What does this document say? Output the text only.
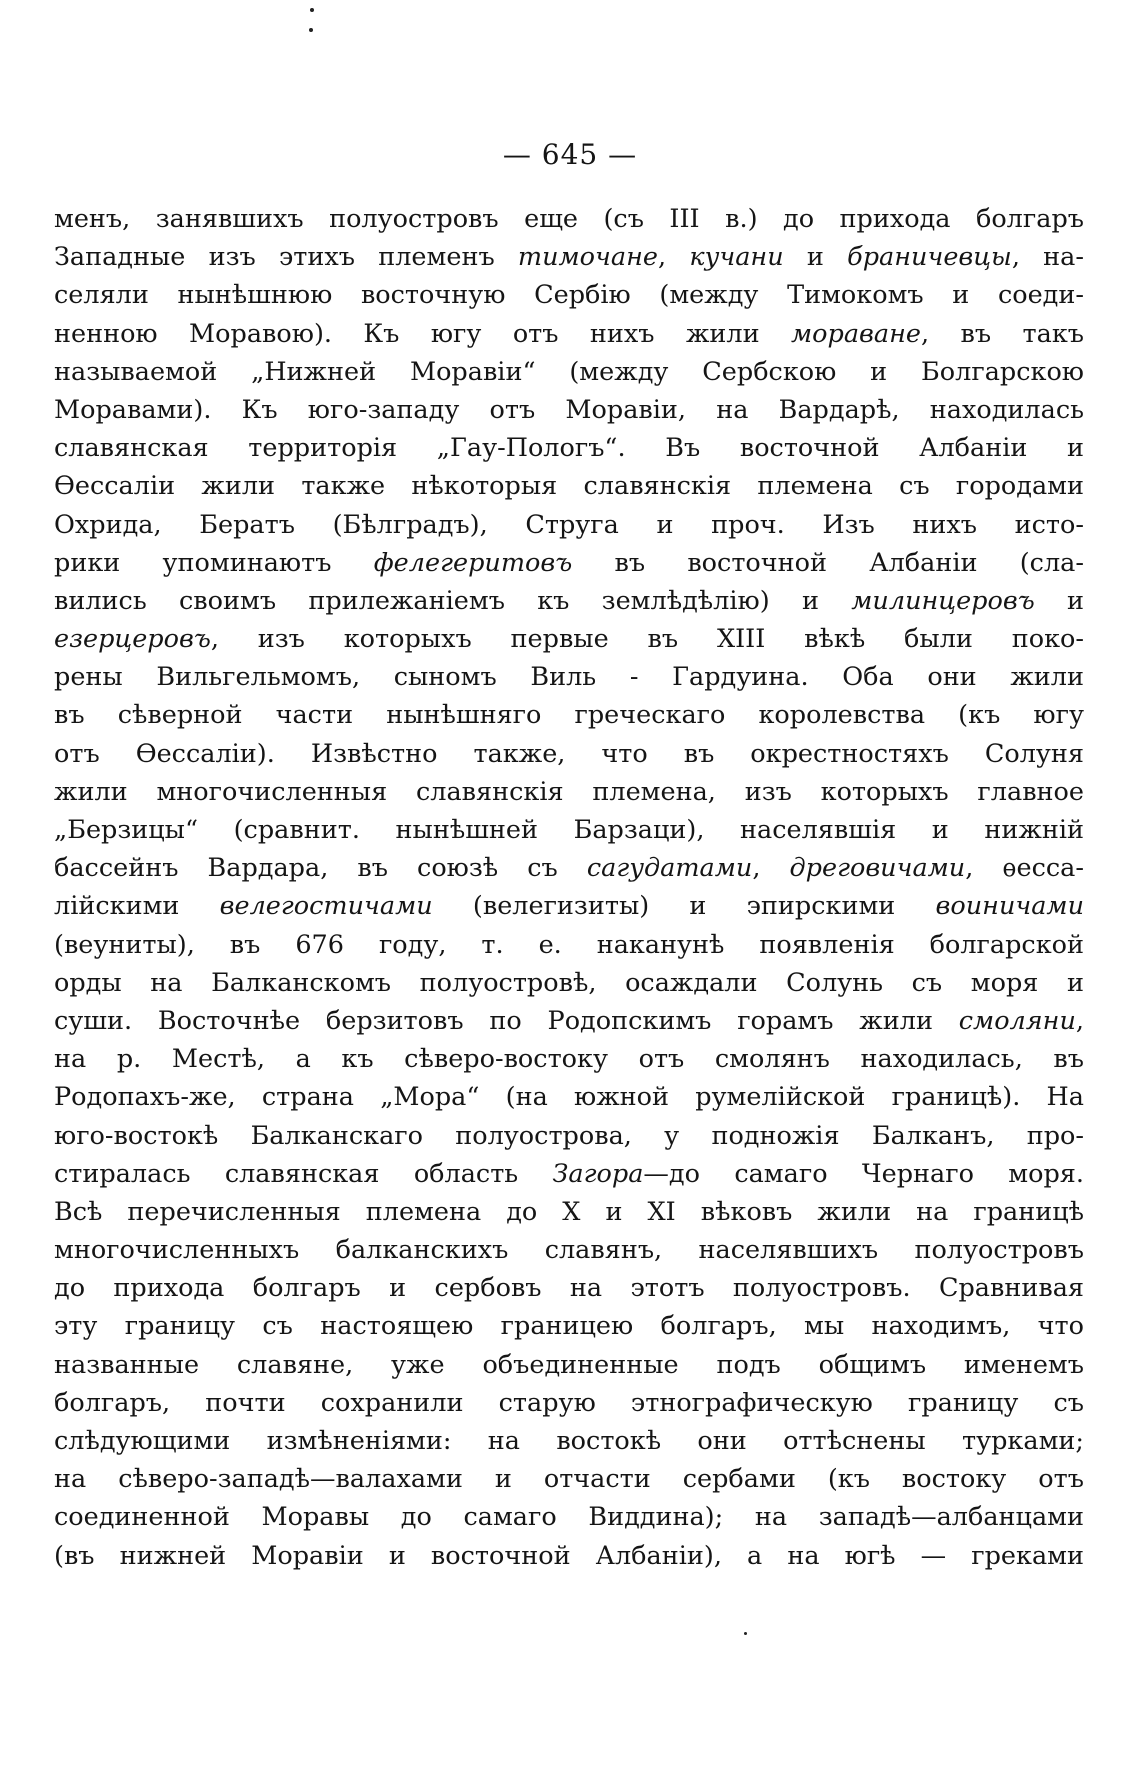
— 645 —
менъ, занявшихъ полуостровъ еще (съ III в.) до прихода болгаръ
Западные изъ этихъ племенъ тимочане, кучани и браничевцы, на-
селяли нынѣшнюю восточную Сербiю (между Тимокомъ и соеди-
ненною Моравою). Къ югу отъ нихъ жили моравaне, въ такъ
называемой „Нижней Моравiи“ (между Сербскою и Болгарскою
Моравами). Къ юго-западу отъ Моравiи, на Вардарѣ, находилась
славянская территорiя „Гау-Пологъ“. Въ восточной Албанiи и
Ѳессалiи жили также нѣкоторыя славянскiя племена съ городами
Охрида, Бератъ (Бѣлградъ), Струга и проч. Изъ нихъ исто-
рики упоминаютъ фелегеритовъ въ восточной Албанiи (сла-
вились своимъ прилежанiемъ къ землѣдѣлiю) и милинцеровъ и
езерцеровъ, изъ которыхъ первые въ XIII вѣкѣ были поко-
рены Вильгельмомъ, сыномъ Виль - Гардуина. Оба они жили
въ сѣверной части нынѣшняго греческаго королевства (къ югу
отъ Ѳессалiи). Извѣстно также, что въ окрестностяхъ Солуня
жили многочисленныя славянскiя племена, изъ которыхъ главное
„Берзицы“ (сравнит. нынѣшней Барзаци), населявшiя и нижнiй
бассейнъ Вардара, въ союзѣ съ сагудатами, дреговичами, ѳесса-
лiйскими велегостичами (велегизиты) и эпирскими воиничами
(веуниты), въ 676 году, т. е. наканунѣ появленiя болгарской
орды на Балканскомъ полуостровѣ, осаждали Солунь съ моря и
суши. Восточнѣе берзитовъ по Родопскимъ горамъ жили смоляни,
на р. Местѣ, а къ сѣверо-востоку отъ смолянъ находилась, въ
Родопахъ-же, страна „Мора“ (на южной румелiйской границѣ). На
юго-востокѣ Балканскаго полуострова, у подножiя Балканъ, про-
стиралась славянская область Загора—до самаго Чернаго моря.
Всѣ перечисленныя племена до X и XI вѣковъ жили на границѣ
многочисленныхъ балканскихъ славянъ, населявшихъ полуостровъ
до прихода болгаръ и сербовъ на этотъ полуостровъ. Сравнивая
эту границу съ настоящею границею болгаръ, мы находимъ, что
названные славяне, уже объединенные подъ общимъ именемъ
болгаръ, почти сохранили старую этнографическую границу съ
слѣдующими измѣненiями: на востокѣ они оттѣснены турками;
на сѣверо-западѣ—валахами и отчасти сербами (къ востоку отъ
соединенной Моравы до самаго Виддина); на западѣ—албанцами
(въ нижней Моравiи и восточной Албанiи), а на югѣ — греками
